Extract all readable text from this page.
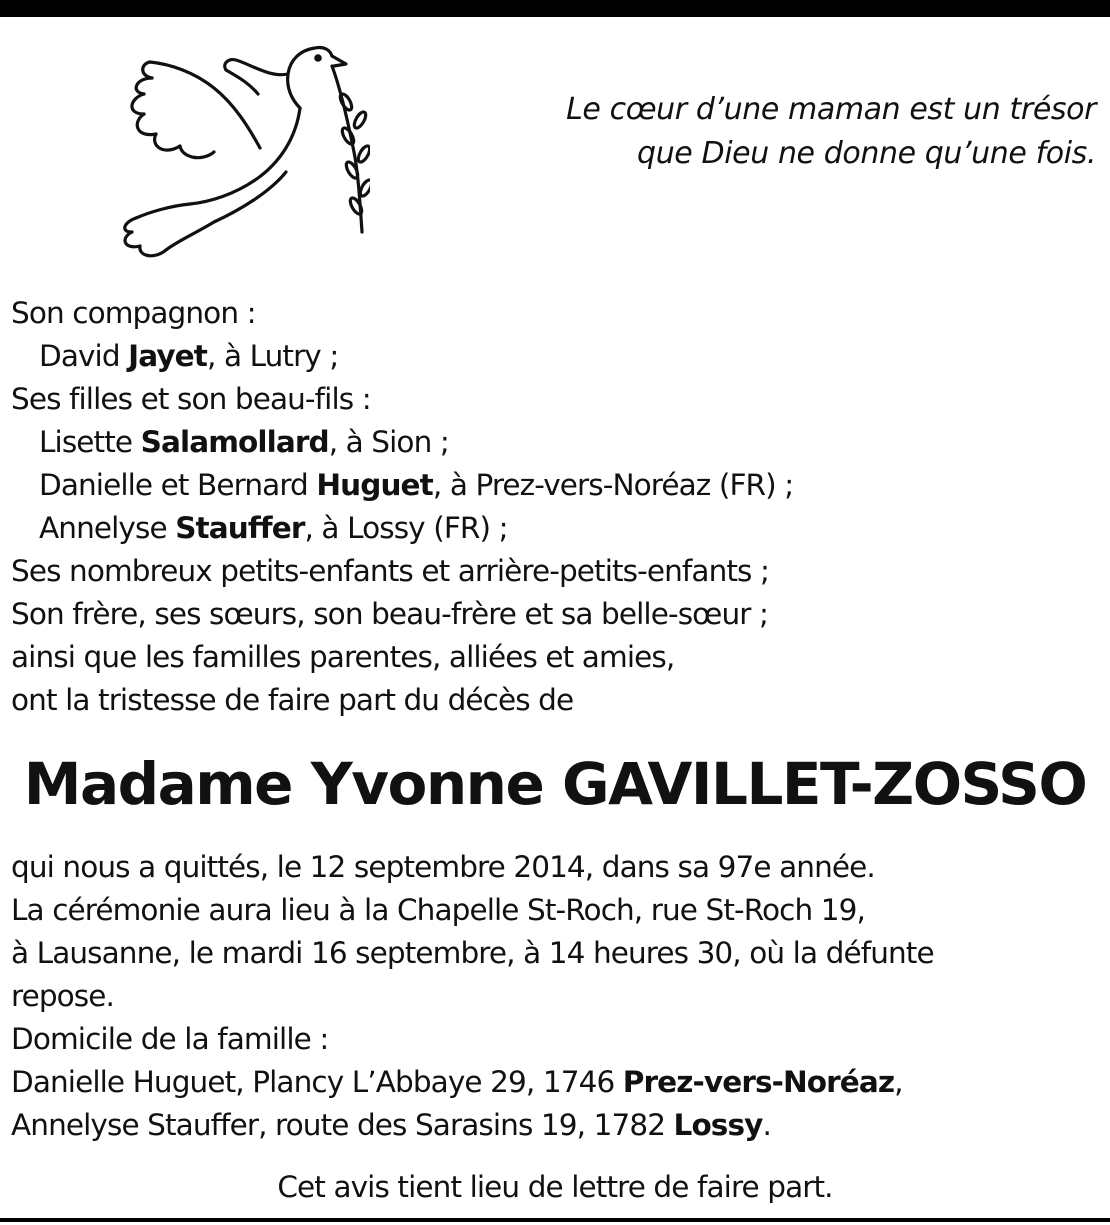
Le cœur d’une maman est un trésor
que Dieu ne donne qu’une fois.
Son compagnon :
David Jayet, à Lutry ;
Ses filles et son beau-fils :
Lisette Salamollard, à Sion ;
Danielle et Bernard Huguet, à Prez-vers-Noréaz (FR) ;
Annelyse Stauffer, à Lossy (FR) ;
Ses nombreux petits-enfants et arrière-petits-enfants ;
Son frère, ses sœurs, son beau-frère et sa belle-sœur ;
ainsi que les familles parentes, alliées et amies,
ont la tristesse de faire part du décès de
Madame Yvonne GAVILLET-ZOSSO
qui nous a quittés, le 12 septembre 2014, dans sa 97e année.
La cérémonie aura lieu à la Chapelle St-Roch, rue St-Roch 19,
à Lausanne, le mardi 16 septembre, à 14 heures 30, où la défunte
repose.
Domicile de la famille :
Danielle Huguet, Plancy L’Abbaye 29, 1746 Prez-vers-Noréaz,
Annelyse Stauffer, route des Sarasins 19, 1782 Lossy.
Cet avis tient lieu de lettre de faire part.
